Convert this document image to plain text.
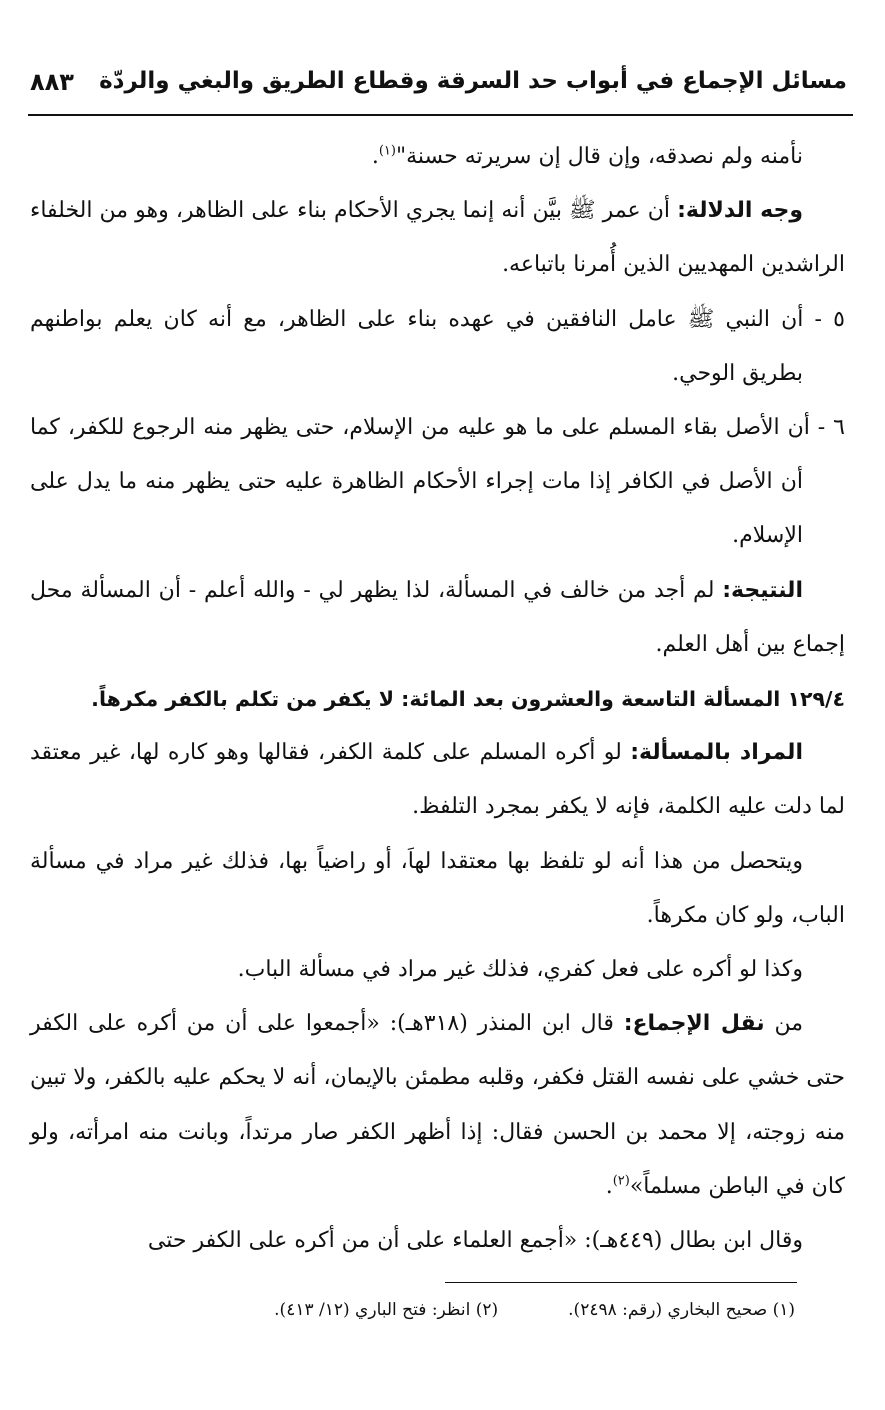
مسائل الإجماع في أبواب حد السرقة وقطاع الطريق والبغي والردّة
٨٨٣

نأمنه ولم نصدقه، وإن قال إن سريرته حسنة"$^{(١)}$.

وجه الدلالة: أن عمر ﷺ بيَّن أنه إنما يجري الأحكام بناء على الظاهر، وهو من الخلفاء الراشدين المهديين الذين أُمرنا باتباعه.

٥ - أن النبي ﷺ عامل النافقين في عهده بناء على الظاهر، مع أنه كان يعلم بواطنهم بطريق الوحي.

٦ - أن الأصل بقاء المسلم على ما هو عليه من الإسلام، حتى يظهر منه الرجوع للكفر، كما أن الأصل في الكافر إذا مات إجراء الأحكام الظاهرة عليه حتى يظهر منه ما يدل على الإسلام.

النتيجة: لم أجد من خالف في المسألة، لذا يظهر لي - والله أعلم - أن المسألة محل إجماع بين أهل العلم.

١٢٩/٤ المسألة التاسعة والعشرون بعد المائة: لا يكفر من تكلم بالكفر مكرهاً.

المراد بالمسألة: لو أكره المسلم على كلمة الكفر، فقالها وهو كاره لها، غير معتقد لما دلت عليه الكلمة، فإنه لا يكفر بمجرد التلفظ.

ويتحصل من هذا أنه لو تلفظ بها معتقدا لهاَ، أو راضياً بها، فذلك غير مراد في مسألة الباب، ولو كان مكرهاً.

وكذا لو أكره على فعل كفري، فذلك غير مراد في مسألة الباب.

من نقل الإجماع: قال ابن المنذر (٣١٨هـ): «أجمعوا على أن من أكره على الكفر حتى خشي على نفسه القتل فكفر، وقلبه مطمئن بالإيمان، أنه لا يحكم عليه بالكفر، ولا تبين منه زوجته، إلا محمد بن الحسن فقال: إذا أظهر الكفر صار مرتداً، وبانت منه امرأته، ولو كان في الباطن مسلماً»$^{(٢)}$.

وقال ابن بطال (٤٤٩هـ): «أجمع العلماء على أن من أكره على الكفر حتى

(١) صحيح البخاري (رقم: ٢٤٩٨).
(٢) انظر: فتح الباري (١٢/ ٤١٣).
